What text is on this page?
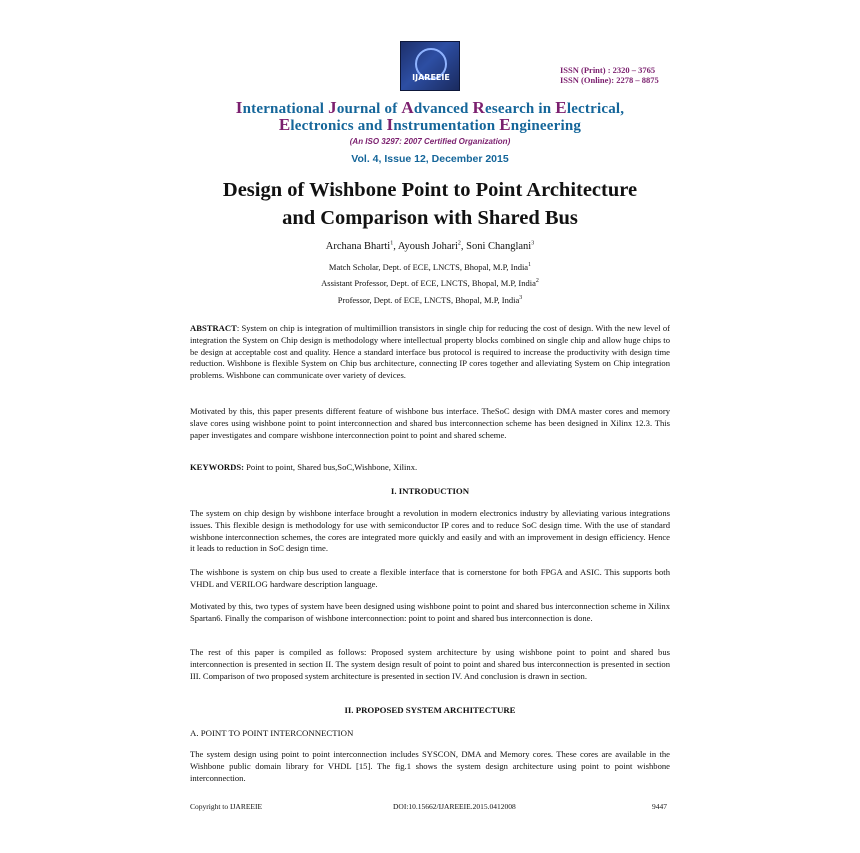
IJAREEIE
ISSN (Print) : 2320 – 3765
ISSN (Online): 2278 – 8875
International Journal of Advanced Research in Electrical,
Electronics and Instrumentation Engineering
(An ISO 3297: 2007 Certified Organization)
Vol. 4, Issue 12, December 2015
Design of Wishbone Point to Point Architecture
and Comparison with Shared Bus
Archana Bharti$^1$, Ayoush Johari$^2$, Soni Changlani$^3$
Match Scholar, Dept. of ECE, LNCTS, Bhopal, M.P, India$^1$
Assistant Professor, Dept. of ECE, LNCTS, Bhopal, M.P, India$^2$
Professor, Dept. of ECE, LNCTS, Bhopal, M.P, India$^3$

ABSTRACT: System on chip is integration of multimillion transistors in single chip for reducing the cost of design. With the new level of integration the System on Chip design is methodology where intellectual property blocks combined on single chip and allow huge chips to be design at acceptable cost and quality. Hence a standard interface bus protocol is required to increase the productivity with design time reduction. Wishbone is flexible System on Chip bus architecture, connecting IP cores together and alleviating System on Chip integration problems. Wishbone can communicate over variety of devices.

Motivated by this, this paper presents different feature of wishbone bus interface. TheSoC design with DMA master cores and memory slave cores using wishbone point to point interconnection and shared bus interconnection scheme has been designed in Xilinx 12.3. This paper investigates and compare wishbone interconnection point to point and shared scheme.

KEYWORDS: Point to point, Shared bus,SoC,Wishbone, Xilinx.

I. INTRODUCTION

The system on chip design by wishbone interface brought a revolution in modern electronics industry by alleviating various integrations issues. This flexible design is methodology for use with semiconductor IP cores and to reduce SoC design time. With the use of standard wishbone interconnection schemes, the cores are integrated more quickly and easily and with an improvement in design efficiency. Hence it leads to reduction in SoC design time.

The wishbone is system on chip bus used to create a flexible interface that is cornerstone for both FPGA and ASIC. This supports both VHDL and VERILOG hardware description language.

Motivated by this, two types of system have been designed using wishbone point to point and shared bus interconnection scheme in Xilinx Spartan6. Finally the comparison of wishbone interconnection: point to point and shared bus interconnection is done.

The rest of this paper is compiled as follows: Proposed system architecture by using wishbone point to point and shared bus interconnection is presented in section II. The system design result of point to point and shared bus interconnection is presented in section III. Comparison of two proposed system architecture is presented in section IV. And conclusion is drawn in section.

II. PROPOSED SYSTEM ARCHITECTURE
A. POINT TO POINT INTERCONNECTION

The system design using point to point interconnection includes SYSCON, DMA and Memory cores. These cores are available in the Wishbone public domain library for VHDL [15]. The fig.1 shows the system design architecture using point to point wishbone interconnection.

Copyright to IJAREEIE	DOI:10.15662/IJAREEIE.2015.0412008	9447
